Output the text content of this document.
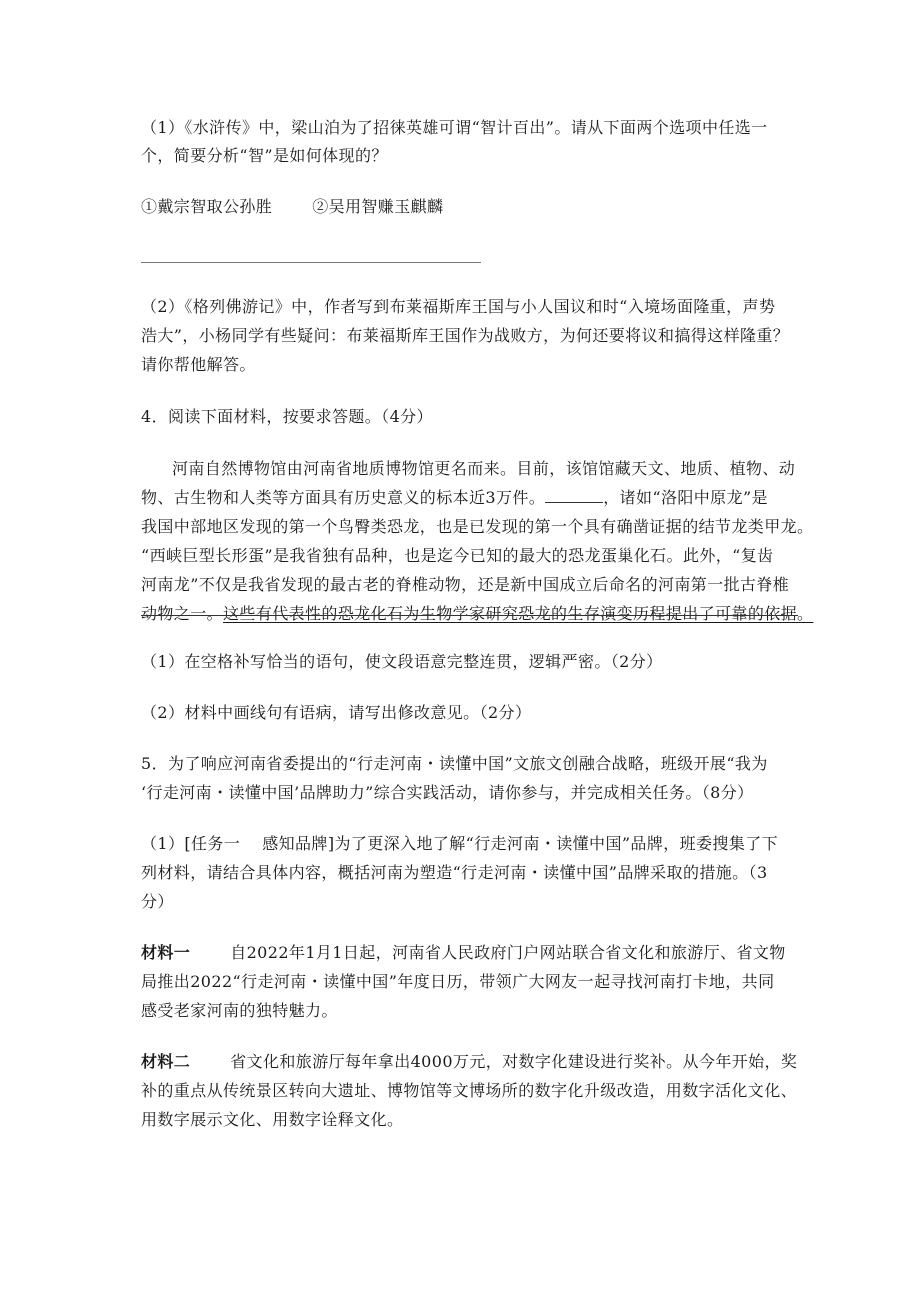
（1）《水浒传》中，梁山泊为了招徕英雄可谓“智计百出”。请从下面两个选项中任选一
个，简要分析“智”是如何体现的？
①戴宗智取公孙胜	②吴用智赚玉麒麟
（2）《格列佛游记》中，作者写到布莱福斯库王国与小人国议和时“入境场面隆重，声势
浩大”，小杨同学有些疑问：布莱福斯库王国作为战败方，为何还要将议和搞得这样隆重？
请你帮他解答。
4．阅读下面材料，按要求答题。（4分）
河南自然博物馆由河南省地质博物馆更名而来。目前，该馆馆藏天文、地质、植物、动
物、古生物和人类等方面具有历史意义的标本近3万件。	，诸如“洛阳中原龙”是
我国中部地区发现的第一个鸟臀类恐龙，也是已发现的第一个具有确凿证据的结节龙类甲龙。
“西峡巨型长形蛋”是我省独有品种，也是迄今已知的最大的恐龙蛋巢化石。此外，“复齿
河南龙”不仅是我省发现的最古老的脊椎动物，还是新中国成立后命名的河南第一批古脊椎
动物之一。这些有代表性的恐龙化石为生物学家研究恐龙的生存演变历程提出了可靠的依据。
（1）在空格补写恰当的语句，使文段语意完整连贯，逻辑严密。（2分）
（2）材料中画线句有语病，请写出修改意见。（2分）
5．为了响应河南省委提出的“行走河南・读懂中国”文旅文创融合战略，班级开展“我为
‘行走河南・读懂中国’品牌助力”综合实践活动，请你参与，并完成相关任务。（8分）
（1）[任务一 感知品牌]为了更深入地了解“行走河南・读懂中国”品牌，班委搜集了下
列材料，请结合具体内容，概括河南为塑造“行走河南・读懂中国”品牌采取的措施。（3
分）
材料一	自2022年1月1日起，河南省人民政府门户网站联合省文化和旅游厅、省文物
局推出2022“行走河南・读懂中国”年度日历，带领广大网友一起寻找河南打卡地，共同
感受老家河南的独特魅力。
材料二	省文化和旅游厅每年拿出4000万元，对数字化建设进行奖补。从今年开始，奖
补的重点从传统景区转向大遗址、博物馆等文博场所的数字化升级改造，用数字活化文化、
用数字展示文化、用数字诠释文化。
